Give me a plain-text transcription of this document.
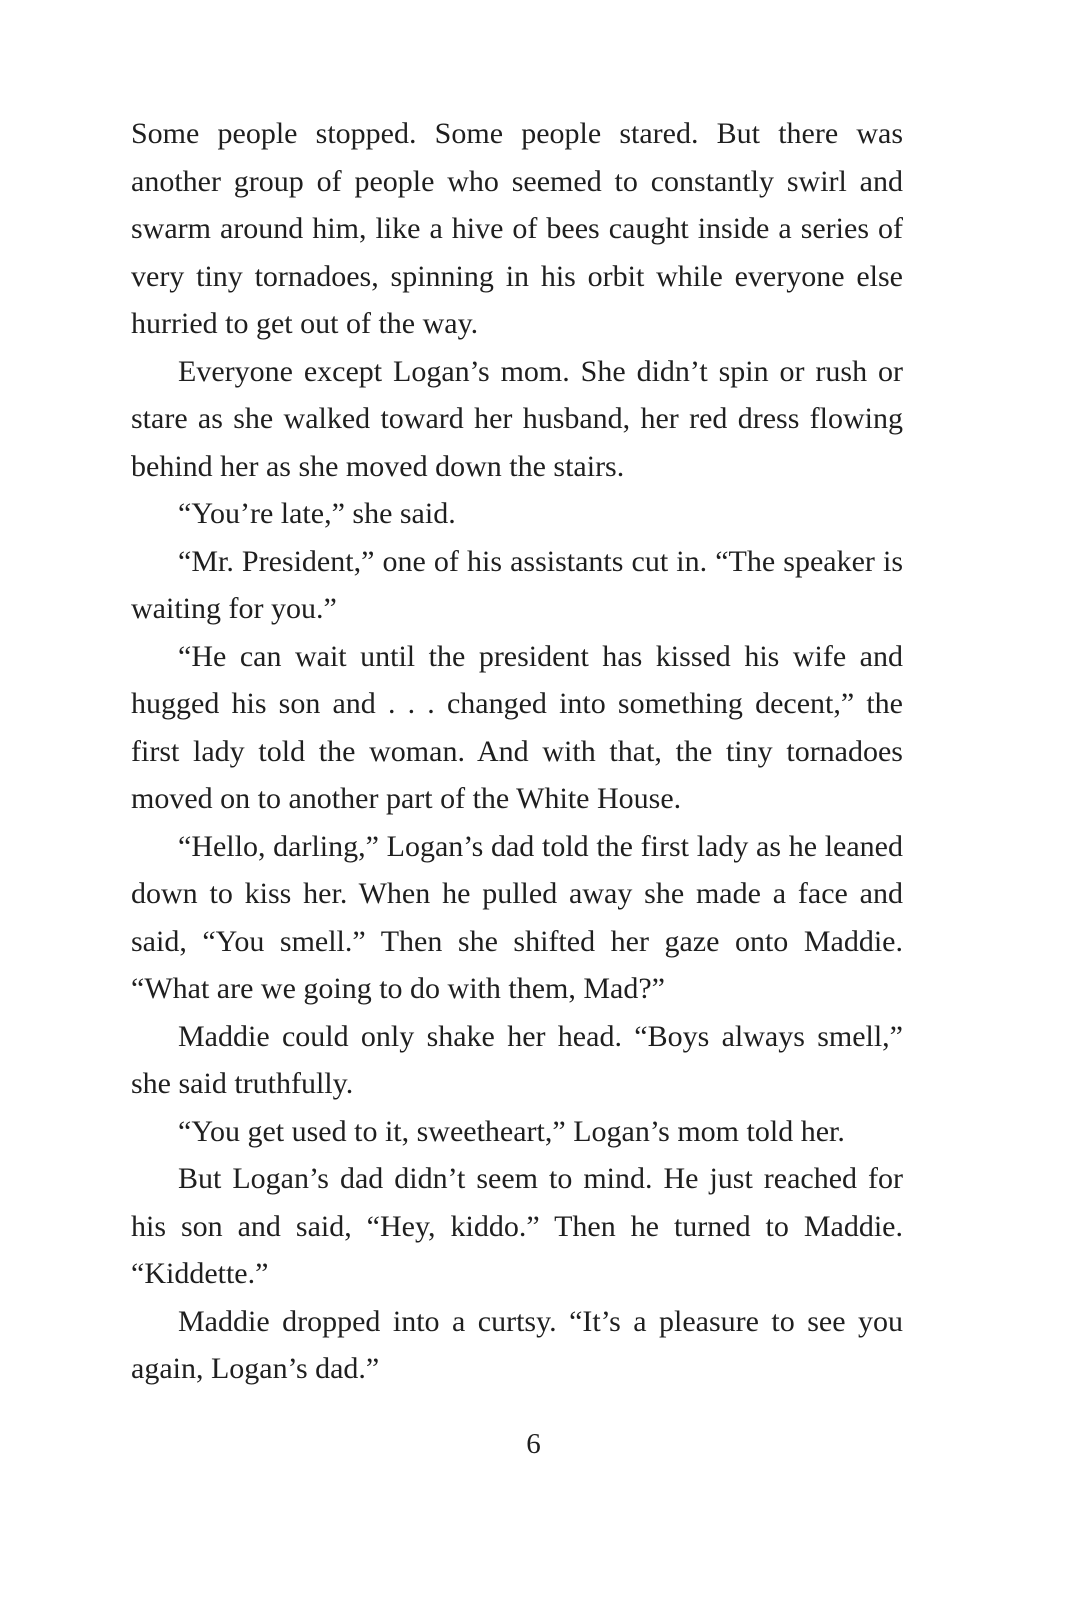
Some people stopped. Some people stared. But there was another group of people who seemed to constantly swirl and swarm around him, like a hive of bees caught inside a series of very tiny tornadoes, spinning in his orbit while everyone else hurried to get out of the way.

Everyone except Logan’s mom. She didn’t spin or rush or stare as she walked toward her husband, her red dress flowing behind her as she moved down the stairs.

“You’re late,” she said.

“Mr. President,” one of his assistants cut in. “The speaker is waiting for you.”

“He can wait until the president has kissed his wife and hugged his son and . . . changed into something decent,” the first lady told the woman. And with that, the tiny tornadoes moved on to another part of the White House.

“Hello, darling,” Logan’s dad told the first lady as he leaned down to kiss her. When he pulled away she made a face and said, “You smell.” Then she shifted her gaze onto Maddie. “What are we going to do with them, Mad?”

Maddie could only shake her head. “Boys always smell,” she said truthfully.

“You get used to it, sweetheart,” Logan’s mom told her.

But Logan’s dad didn’t seem to mind. He just reached for his son and said, “Hey, kiddo.” Then he turned to Maddie. “Kiddette.”

Maddie dropped into a curtsy. “It’s a pleasure to see you again, Logan’s dad.”

6
